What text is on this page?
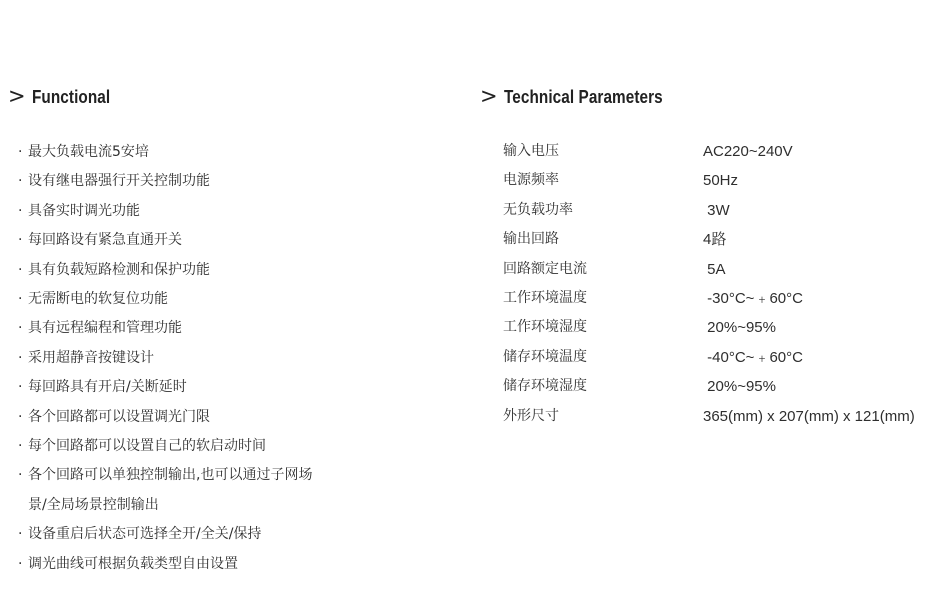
> Functional
· 最大负载电流5安培
· 设有继电器强行开关控制功能
· 具备实时调光功能
· 每回路设有紧急直通开关
· 具有负载短路检测和保护功能
· 无需断电的软复位功能
· 具有远程编程和管理功能
· 采用超静音按键设计
· 每回路具有开启/关断延时
· 各个回路都可以设置调光门限
· 每个回路都可以设置自己的软启动时间
· 各个回路可以单独控制输出,也可以通过子网场
景/全局场景控制输出
· 设备重启后状态可选择全开/全关/保持
· 调光曲线可根据负载类型自由设置
> Technical Parameters
输入电压	AC220~240V
电源频率	50Hz
无负载功率	3W
输出回路	4路
回路额定电流	5A
工作环境温度	-30°C~﹢60°C
工作环境湿度	20%~95%
储存环境温度	-40°C~﹢60°C
储存环境湿度	20%~95%
外形尺寸	365(mm) x 207(mm) x 121(mm)
